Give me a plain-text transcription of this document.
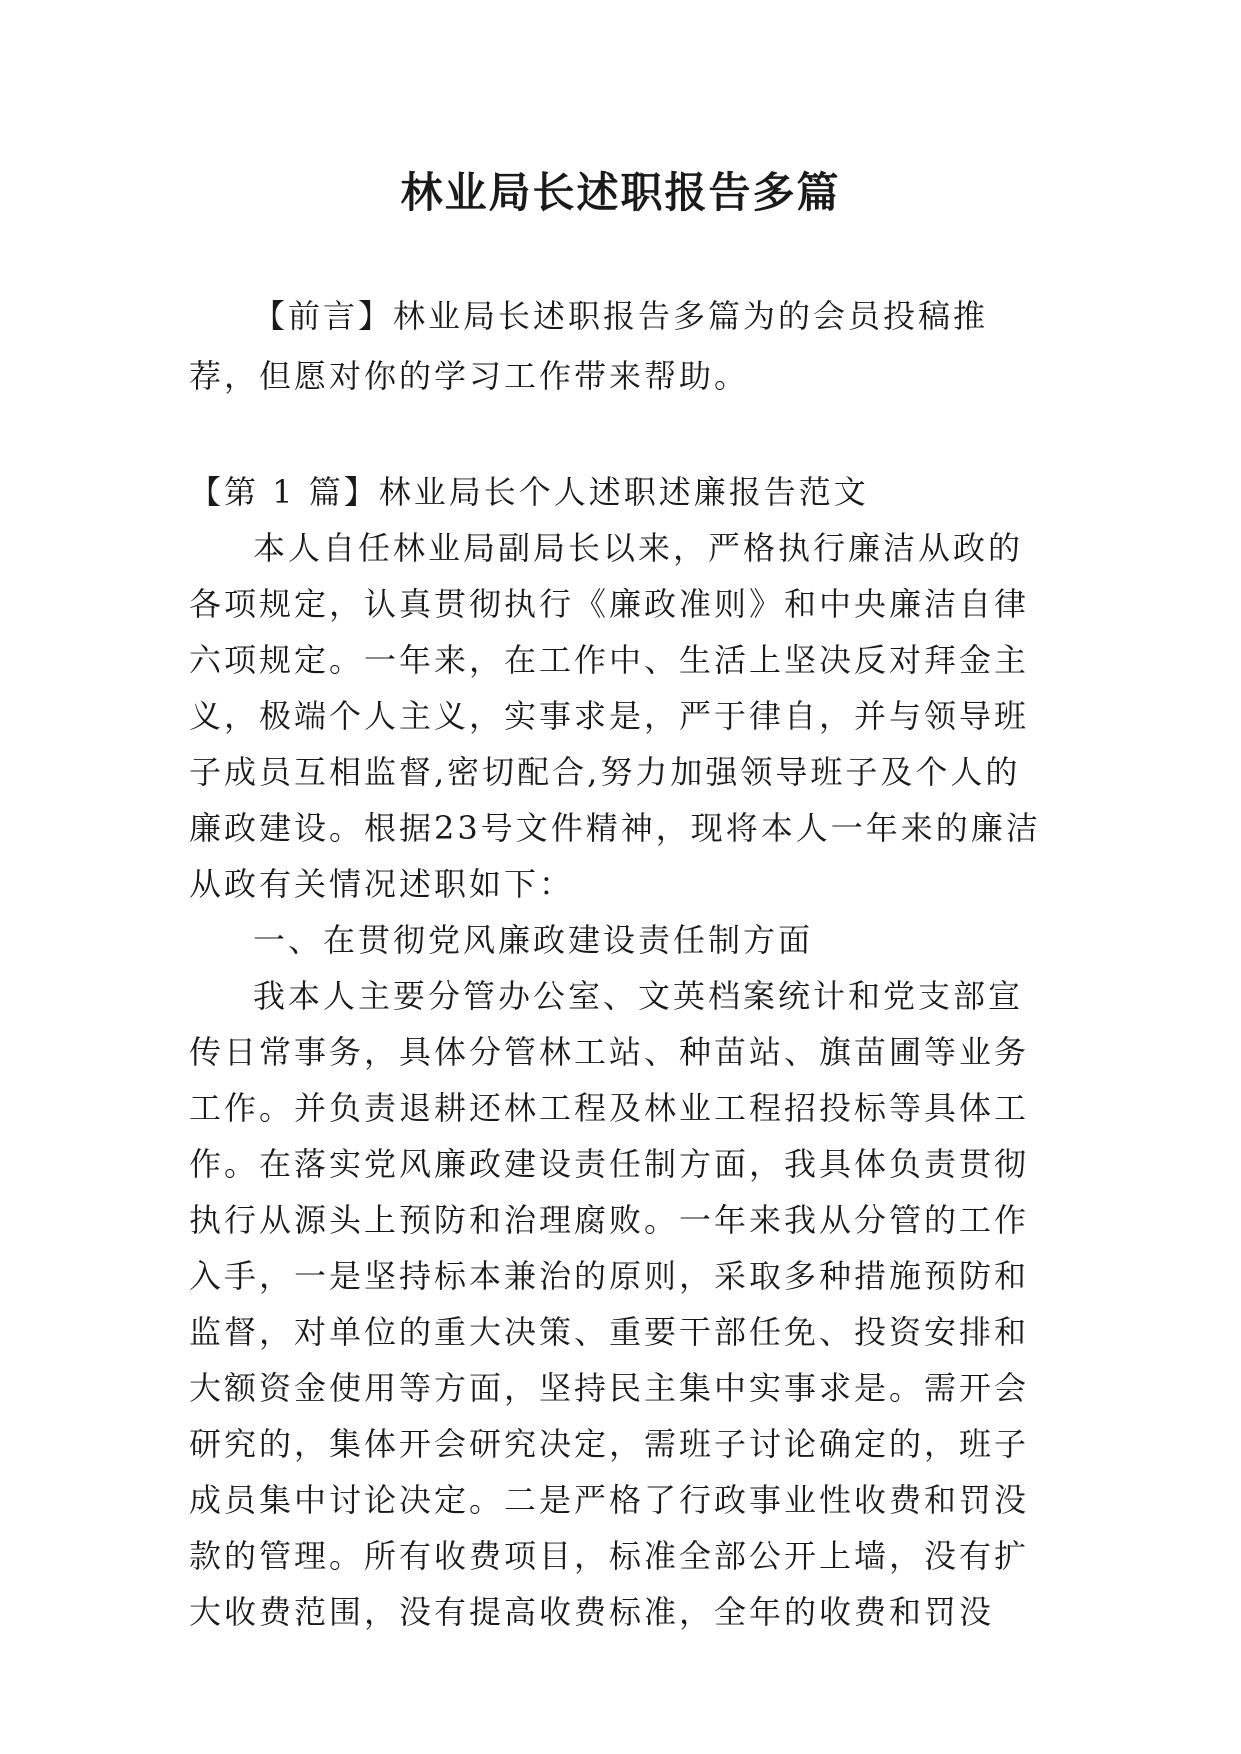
林业局长述职报告多篇

【前言】林业局长述职报告多篇为的会员投稿推荐，但愿对你的学习工作带来帮助。

【第 1 篇】林业局长个人述职述廉报告范文

本人自任林业局副局长以来，严格执行廉洁从政的各项规定，认真贯彻执行《廉政准则》和中央廉洁自律六项规定。一年来，在工作中、生活上坚决反对拜金主义，极端个人主义，实事求是，严于律自，并与领导班子成员互相监督,密切配合,努力加强领导班子及个人的廉政建设。根据23号文件精神，现将本人一年来的廉洁从政有关情况述职如下：

一、在贯彻党风廉政建设责任制方面

我本人主要分管办公室、文英档案统计和党支部宣传日常事务，具体分管林工站、种苗站、旗苗圃等业务工作。并负责退耕还林工程及林业工程招投标等具体工作。在落实党风廉政建设责任制方面，我具体负责贯彻执行从源头上预防和治理腐败。一年来我从分管的工作入手，一是坚持标本兼治的原则，采取多种措施预防和监督，对单位的重大决策、重要干部任免、投资安排和大额资金使用等方面，坚持民主集中实事求是。需开会研究的，集体开会研究决定，需班子讨论确定的，班子成员集中讨论决定。二是严格了行政事业性收费和罚没款的管理。所有收费项目，标准全部公开上墙，没有扩大收费范围，没有提高收费标准，全年的收费和罚没
